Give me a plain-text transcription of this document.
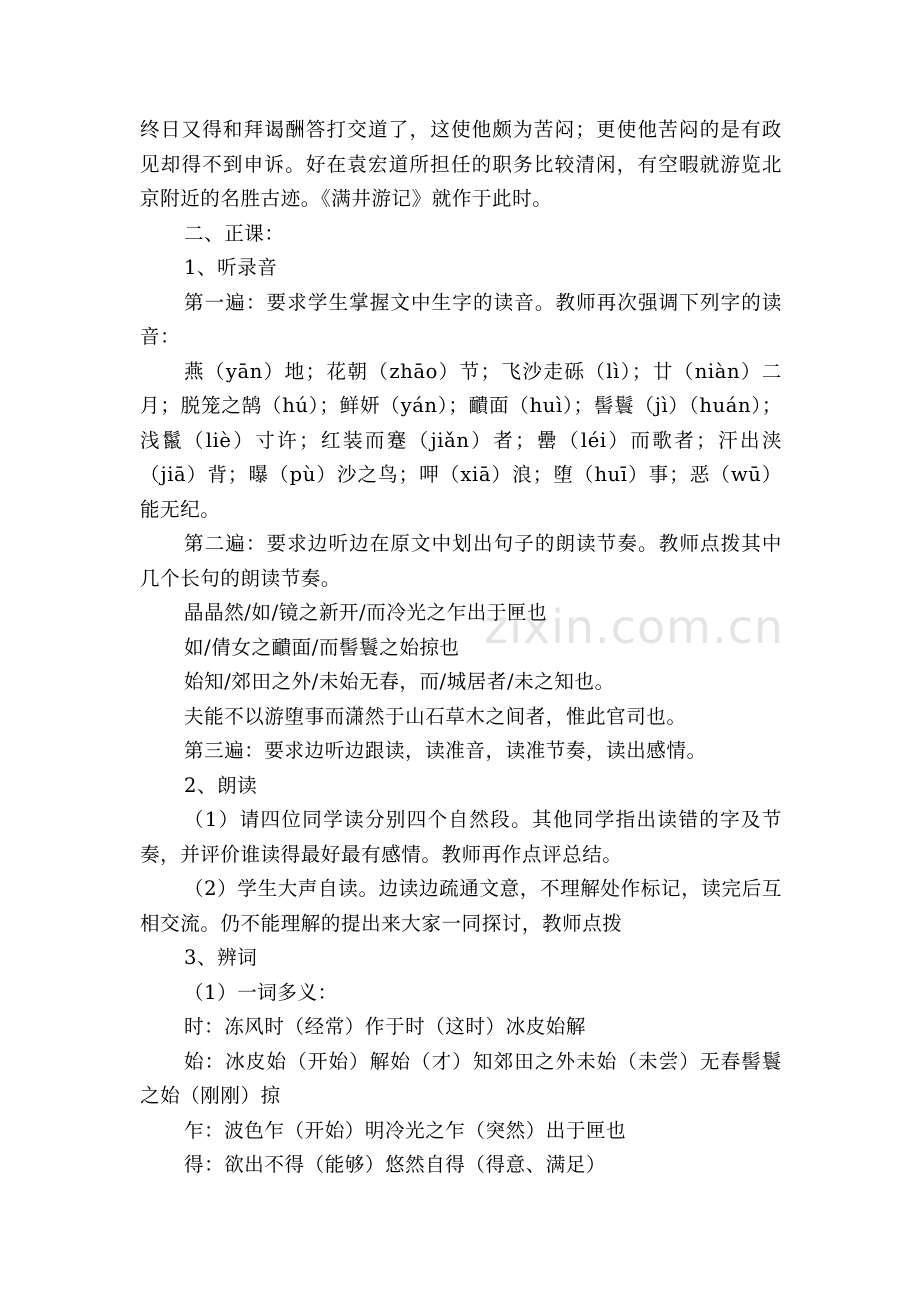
zixin.com.cn

终日又得和拜谒酬答打交道了，这使他颇为苦闷；更使他苦闷的是有政见却得不到申诉。好在袁宏道所担任的职务比较清闲，有空暇就游览北京附近的名胜古迹。《满井游记》就作于此时。

二、正课：

1、听录音

第一遍：要求学生掌握文中生字的读音。教师再次强调下列字的读音：

燕（yān）地；花朝（zhāo）节；飞沙走砾（lì）；廿（niàn）二月；脱笼之鹄（hú）；鲜妍（yán）；靧面（huì）；髻鬟（jì）（huán）；浅鬣（liè）寸许；红装而蹇（jiǎn）者；罍（léi）而歌者；汗出浃（jiā）背；曝（pù）沙之鸟；呷（xiā）浪；堕（huī）事；恶（wū）能无纪。

第二遍：要求边听边在原文中划出句子的朗读节奏。教师点拨其中几个长句的朗读节奏。

晶晶然/如/镜之新开/而冷光之乍出于匣也

如/倩女之靧面/而髻鬟之始掠也

始知/郊田之外/未始无春，而/城居者/未之知也。

夫能不以游堕事而潇然于山石草木之间者，惟此官司也。

第三遍：要求边听边跟读，读准音，读准节奏，读出感情。

2、朗读

（1）请四位同学读分别四个自然段。其他同学指出读错的字及节奏，并评价谁读得最好最有感情。教师再作点评总结。

（2）学生大声自读。边读边疏通文意，不理解处作标记，读完后互相交流。仍不能理解的提出来大家一同探讨，教师点拨

3、辨词

（1）一词多义：

时：冻风时（经常）作于时（这时）冰皮始解

始：冰皮始（开始）解始（才）知郊田之外未始（未尝）无春髻鬟之始（刚刚）掠

乍：波色乍（开始）明冷光之乍（突然）出于匣也

得：欲出不得（能够）悠然自得（得意、满足）
